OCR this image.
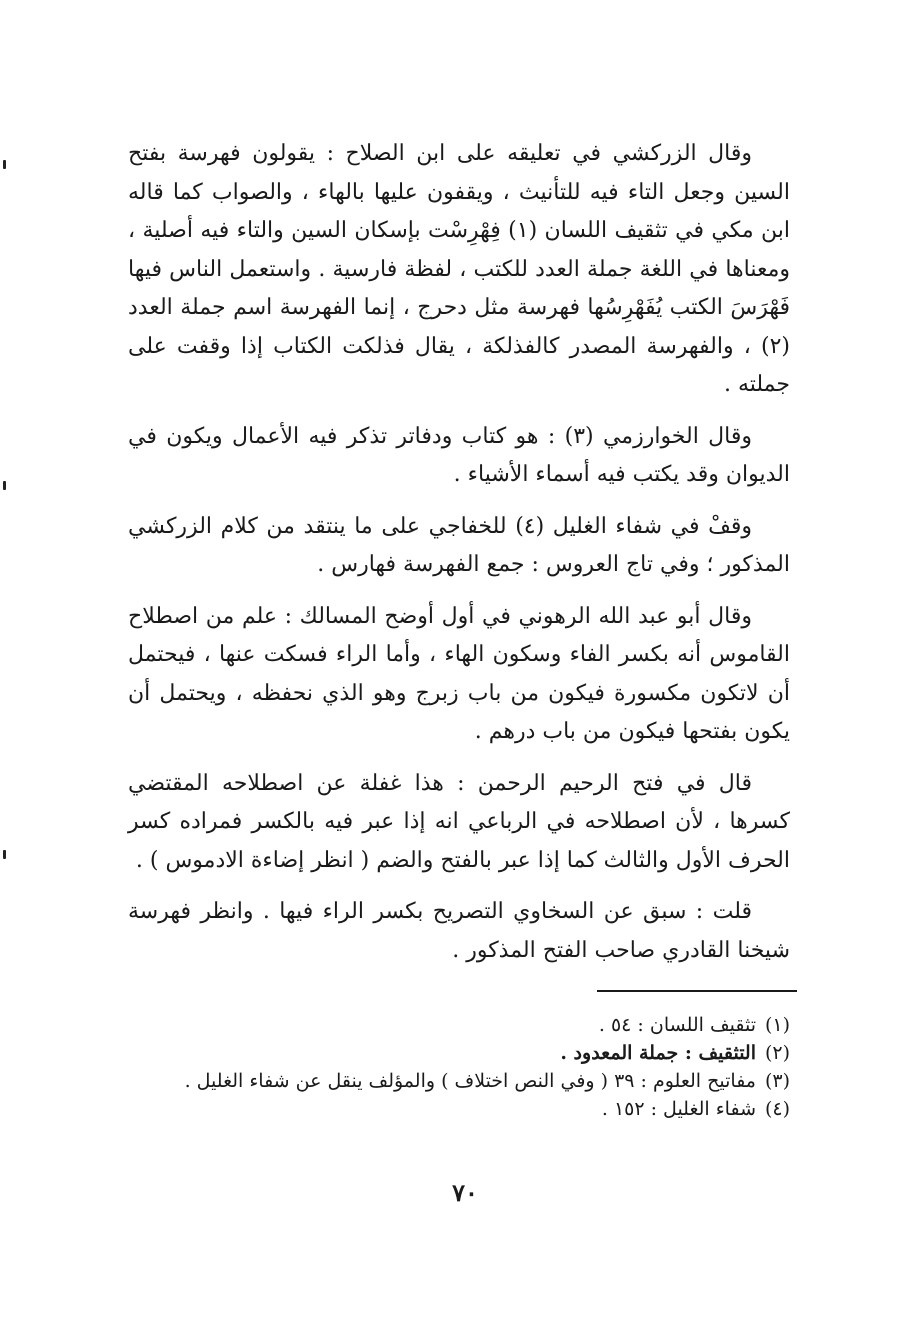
وقال الزركشي في تعليقه على ابن الصلاح : يقولون فهرسة بفتح السين وجعل التاء فيه للتأنيث ، ويقفون عليها بالهاء ، والصواب كما قاله ابن مكي في تثقيف اللسان (١) فِهْرِسْت بإسكان السين والتاء فيه أصلية ، ومعناها في اللغة جملة العدد للكتب ، لفظة فارسية . واستعمل الناس فيها فَهْرَسَ الكتب يُفَهْرِسُها فهرسة مثل دحرج ، إنما الفهرسة اسم جملة العدد (٢) ، والفهرسة المصدر كالفذلكة ، يقال فذلكت الكتاب إذا وقفت على جملته .

وقال الخوارزمي (٣) : هو كتاب ودفاتر تذكر فيه الأعمال ويكون في الديوان وقد يكتب فيه أسماء الأشياء .

وقفْ في شفاء الغليل (٤) للخفاجي على ما ينتقد من كلام الزركشي المذكور ؛ وفي تاج العروس : جمع الفهرسة فهارس .

وقال أبو عبد الله الرهوني في أول أوضح المسالك : علم من اصطلاح القاموس أنه بكسر الفاء وسكون الهاء ، وأما الراء فسكت عنها ، فيحتمل أن لاتكون مكسورة فيكون من باب زبرج وهو الذي نحفظه ، ويحتمل أن يكون بفتحها فيكون من باب درهم .

قال في فتح الرحيم الرحمن : هذا غفلة عن اصطلاحه المقتضي كسرها ، لأن اصطلاحه في الرباعي انه إذا عبر فيه بالكسر فمراده كسر الحرف الأول والثالث كما إذا عبر بالفتح والضم ( انظر إضاءة الادموس ) .

قلت : سبق عن السخاوي التصريح بكسر الراء فيها . وانظر فهرسة شيخنا القادري صاحب الفتح المذكور .

(١)
تثقيف اللسان : ٥٤ .
(٢)
التثقيف : جملة المعدود .
(٣)
مفاتيح العلوم : ٣٩ ( وفي النص اختلاف ) والمؤلف ينقل عن شفاء الغليل .
(٤)
شفاء الغليل : ١٥٢ .
٧٠
